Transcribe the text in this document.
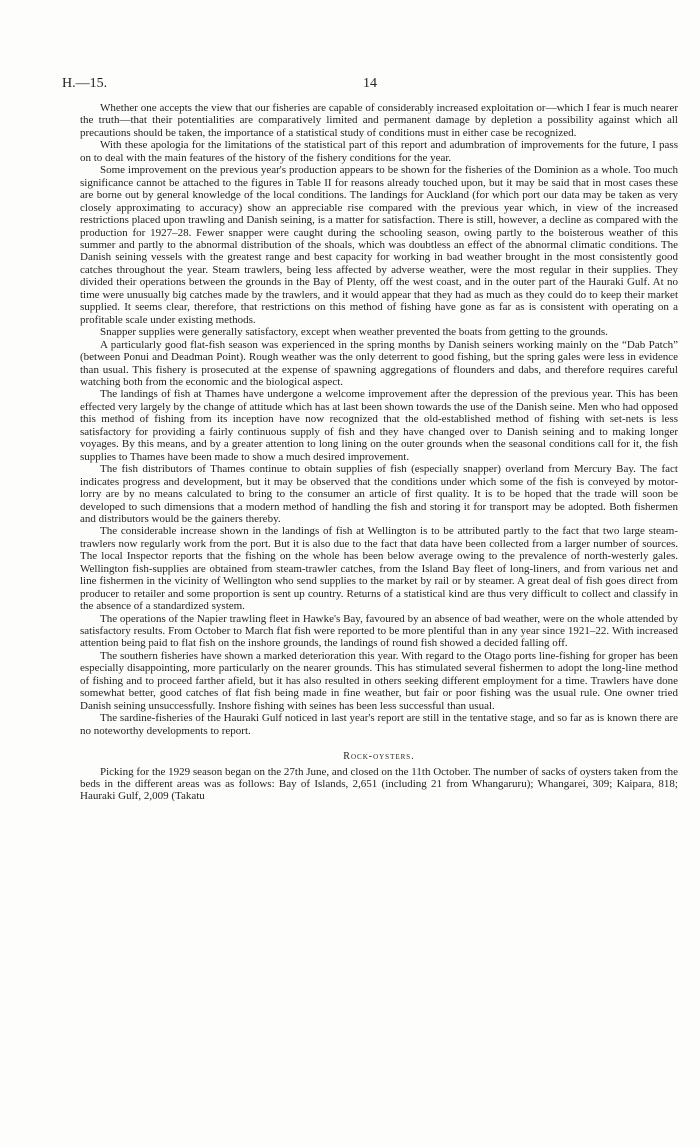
H.—15.	14

Whether one accepts the view that our fisheries are capable of considerably increased exploitation or—which I fear is much nearer the truth—that their potentialities are comparatively limited and permanent damage by depletion a possibility against which all precautions should be taken, the importance of a statistical study of conditions must in either case be recognized.

With these apologia for the limitations of the statistical part of this report and adumbration of improvements for the future, I pass on to deal with the main features of the history of the fishery conditions for the year.

Some improvement on the previous year's production appears to be shown for the fisheries of the Dominion as a whole. Too much significance cannot be attached to the figures in Table II for reasons already touched upon, but it may be said that in most cases these are borne out by general knowledge of the local conditions. The landings for Auckland (for which port our data may be taken as very closely approximating to accuracy) show an appreciable rise compared with the previous year which, in view of the increased restrictions placed upon trawling and Danish seining, is a matter for satisfaction. There is still, however, a decline as compared with the production for 1927–28. Fewer snapper were caught during the schooling season, owing partly to the boisterous weather of this summer and partly to the abnormal distribution of the shoals, which was doubtless an effect of the abnormal climatic conditions. The Danish seining vessels with the greatest range and best capacity for working in bad weather brought in the most consistently good catches throughout the year. Steam trawlers, being less affected by adverse weather, were the most regular in their supplies. They divided their operations between the grounds in the Bay of Plenty, off the west coast, and in the outer part of the Hauraki Gulf. At no time were unusually big catches made by the trawlers, and it would appear that they had as much as they could do to keep their market supplied. It seems clear, therefore, that restrictions on this method of fishing have gone as far as is consistent with operating on a profitable scale under existing methods.

Snapper supplies were generally satisfactory, except when weather prevented the boats from getting to the grounds.

A particularly good flat-fish season was experienced in the spring months by Danish seiners working mainly on the “Dab Patch” (between Ponui and Deadman Point). Rough weather was the only deterrent to good fishing, but the spring gales were less in evidence than usual. This fishery is prosecuted at the expense of spawning aggregations of flounders and dabs, and therefore requires careful watching both from the economic and the biological aspect.

The landings of fish at Thames have undergone a welcome improvement after the depression of the previous year. This has been effected very largely by the change of attitude which has at last been shown towards the use of the Danish seine. Men who had opposed this method of fishing from its inception have now recognized that the old-established method of fishing with set-nets is less satisfactory for providing a fairly continuous supply of fish and they have changed over to Danish seining and to making longer voyages. By this means, and by a greater attention to long lining on the outer grounds when the seasonal conditions call for it, the fish supplies to Thames have been made to show a much desired improvement.

The fish distributors of Thames continue to obtain supplies of fish (especially snapper) overland from Mercury Bay. The fact indicates progress and development, but it may be observed that the conditions under which some of the fish is conveyed by motor-lorry are by no means calculated to bring to the consumer an article of first quality. It is to be hoped that the trade will soon be developed to such dimensions that a modern method of handling the fish and storing it for transport may be adopted. Both fishermen and distributors would be the gainers thereby.

The considerable increase shown in the landings of fish at Wellington is to be attributed partly to the fact that two large steam-trawlers now regularly work from the port. But it is also due to the fact that data have been collected from a larger number of sources. The local Inspector reports that the fishing on the whole has been below average owing to the prevalence of north-westerly gales. Wellington fish-supplies are obtained from steam-trawler catches, from the Island Bay fleet of long-liners, and from various net and line fishermen in the vicinity of Wellington who send supplies to the market by rail or by steamer. A great deal of fish goes direct from producer to retailer and some proportion is sent up country. Returns of a statistical kind are thus very difficult to collect and classify in the absence of a standardized system.

The operations of the Napier trawling fleet in Hawke's Bay, favoured by an absence of bad weather, were on the whole attended by satisfactory results. From October to March flat fish were reported to be more plentiful than in any year since 1921–22. With increased attention being paid to flat fish on the inshore grounds, the landings of round fish showed a decided falling off.

The southern fisheries have shown a marked deterioration this year. With regard to the Otago ports line-fishing for groper has been especially disappointing, more particularly on the nearer grounds. This has stimulated several fishermen to adopt the long-line method of fishing and to proceed farther afield, but it has also resulted in others seeking different employment for a time. Trawlers have done somewhat better, good catches of flat fish being made in fine weather, but fair or poor fishing was the usual rule. One owner tried Danish seining unsuccessfully. Inshore fishing with seines has been less successful than usual.

The sardine-fisheries of the Hauraki Gulf noticed in last year's report are still in the tentative stage, and so far as is known there are no noteworthy developments to report.

Rock-oysters.

Picking for the 1929 season began on the 27th June, and closed on the 11th October. The number of sacks of oysters taken from the beds in the different areas was as follows: Bay of Islands, 2,651 (including 21 from Whangaruru); Whangarei, 309; Kaipara, 818; Hauraki Gulf, 2,009 (Takatu
